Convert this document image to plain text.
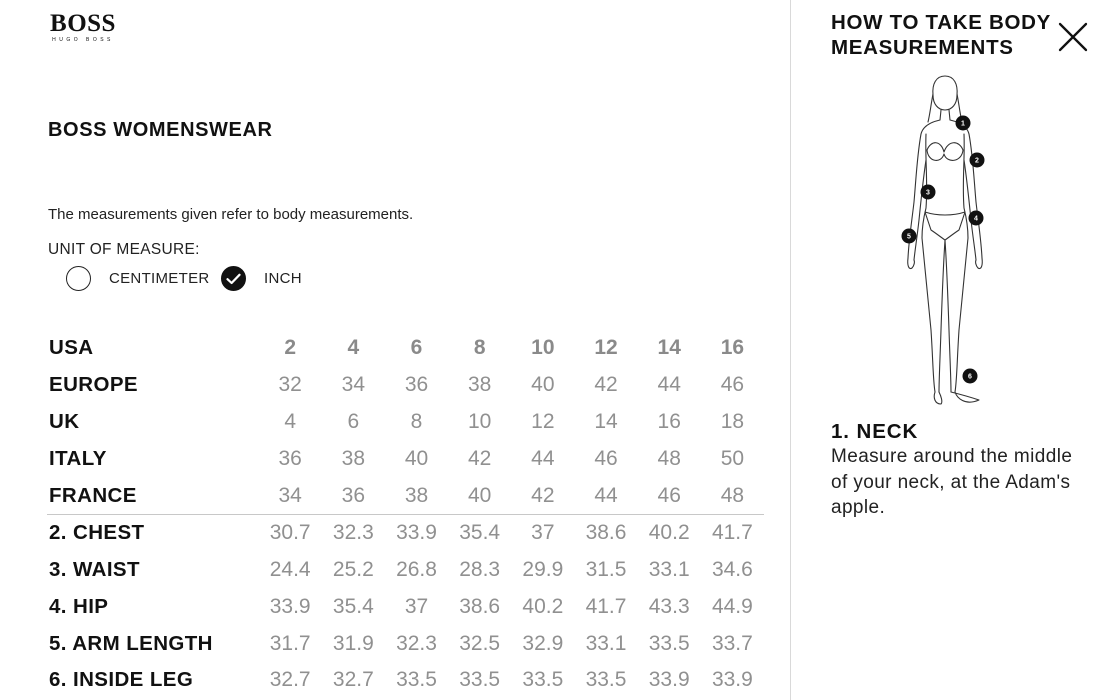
BOSS
HUGO BOSS
BOSS WOMENSWEAR
The measurements given refer to body measurements.
UNIT OF MEASURE:
CENTIMETER	INCH
USA	2	4	6	8	10	12	14	16
EUROPE	32	34	36	38	40	42	44	46
UK	4	6	8	10	12	14	16	18
ITALY	36	38	40	42	44	46	48	50
FRANCE	34	36	38	40	42	44	46	48
2. CHEST	30.7	32.3	33.9	35.4	37	38.6	40.2	41.7
3. WAIST	24.4	25.2	26.8	28.3	29.9	31.5	33.1	34.6
4. HIP	33.9	35.4	37	38.6	40.2	41.7	43.3	44.9
5. ARM LENGTH	31.7	31.9	32.3	32.5	32.9	33.1	33.5	33.7
6. INSIDE LEG	32.7	32.7	33.5	33.5	33.5	33.5	33.9	33.9
HOW TO TAKE BODY MEASUREMENTS
1
2
3
4
5
6
1. NECK
Measure around the middle of your neck, at the Adam's apple.
